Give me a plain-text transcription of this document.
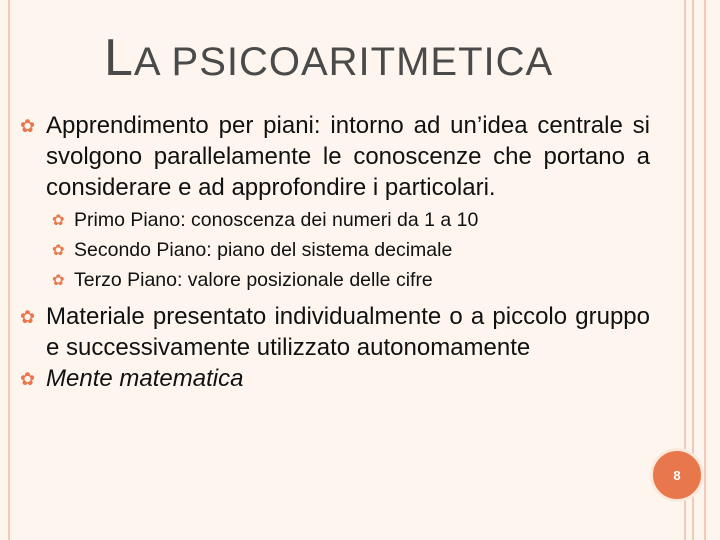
LA PSICOARITMETICA
✿ Apprendimento per piani: intorno ad un’idea centrale si svolgono parallelamente le conoscenze che portano a considerare e ad approfondire i particolari.
✿ Primo Piano: conoscenza dei numeri da 1 a 10
✿ Secondo Piano: piano del sistema decimale
✿ Terzo Piano: valore posizionale delle cifre
✿ Materiale presentato individualmente o a piccolo gruppo e successivamente utilizzato autonomamente
✿ Mente matematica
8
